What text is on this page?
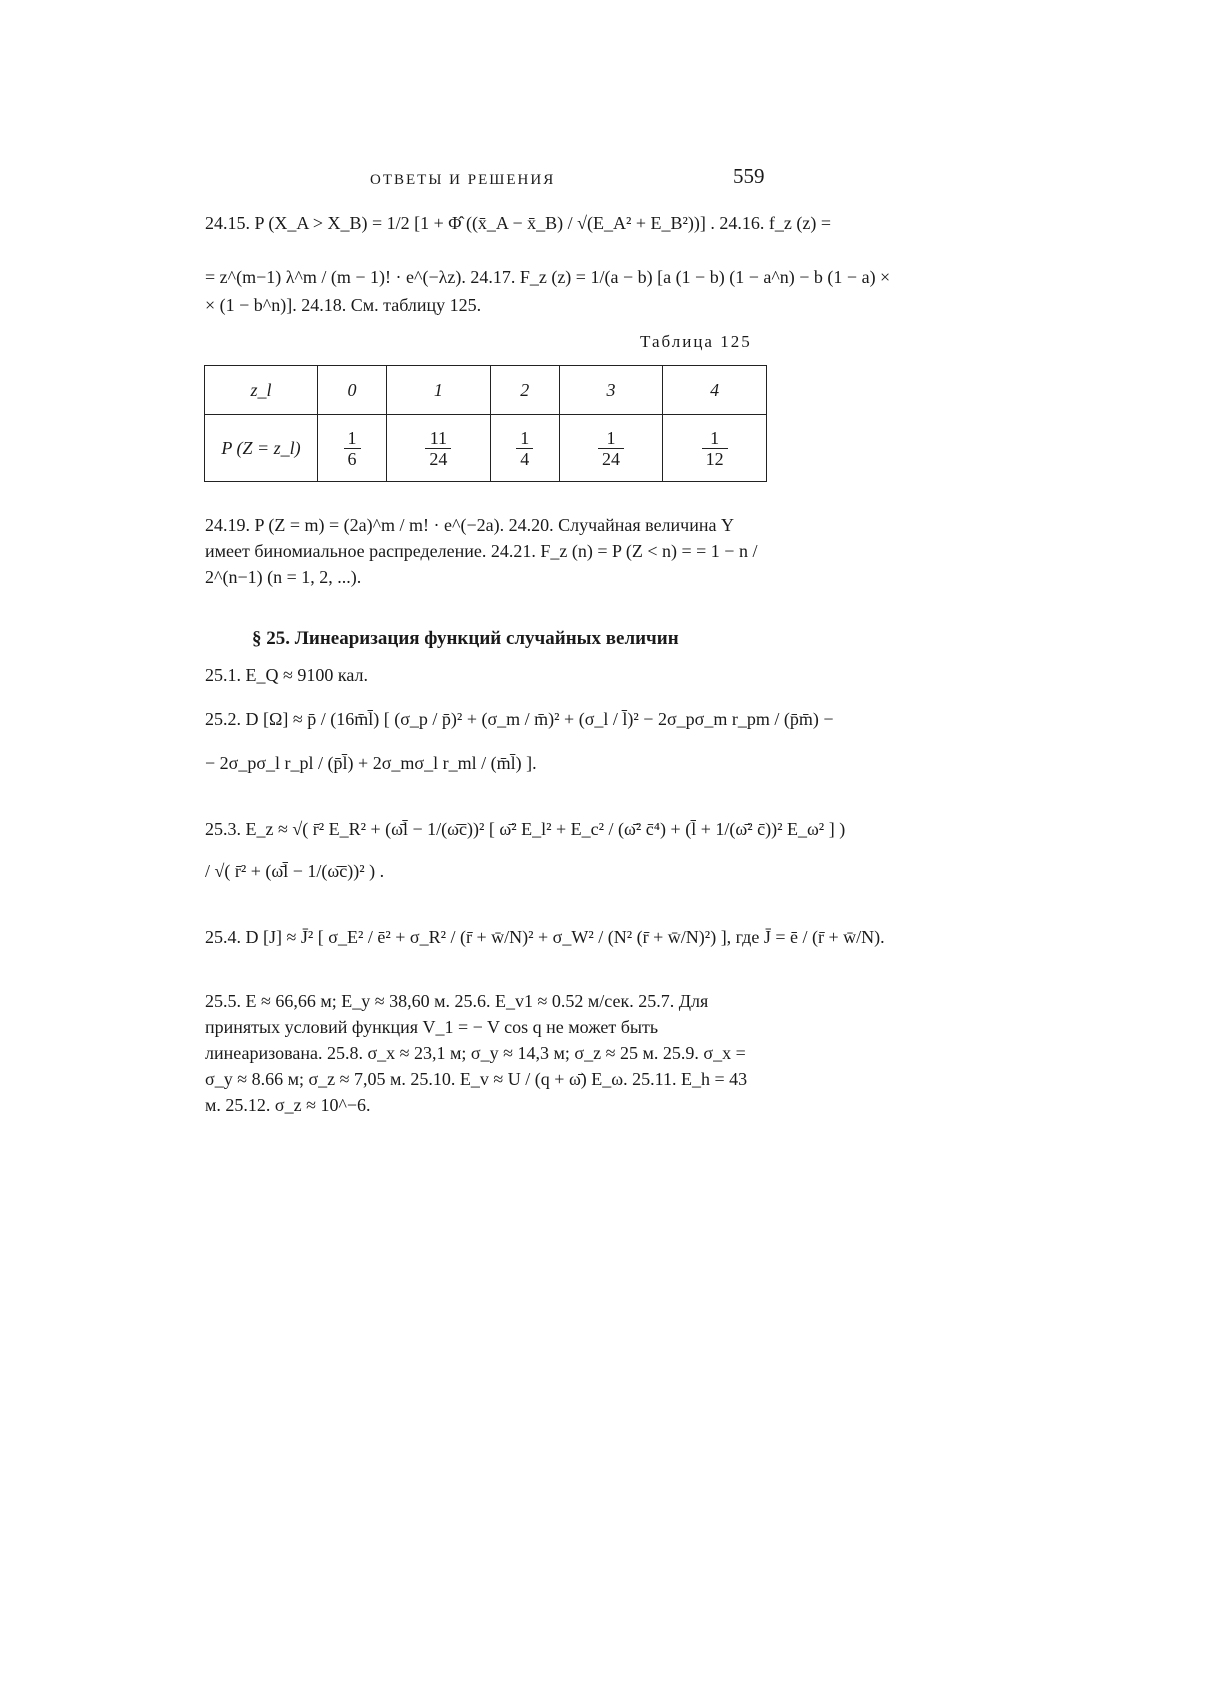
ОТВЕТЫ И РЕШЕНИЯ	559
24.15. P (X_A > X_B) = 1/2 [1 + Φ̂ ((x̄_A − x̄_B) / √(E_A² + E_B²))] . 24.16. f_z (z) =
= z^(m−1) λ^m / (m − 1)! · e^(−λz). 24.17. F_z (z) = 1/(a − b) [a (1 − b) (1 − a^n) − b (1 − a) ×
× (1 − b^n)]. 24.18. См. таблицу 125.
Таблица 125
z_l	0	1	2	3	4
P (Z = z_l)	$\frac{1}{6}$	$\frac{11}{24}$	$\frac{1}{4}$	$\frac{1}{24}$	$\frac{1}{12}$
24.19. P (Z = m) = (2a)^m / m! · e^(−2a). 24.20. Случайная величина Y имеет биномиальное распределение. 24.21. F_z (n) = P (Z < n) = = 1 − n / 2^(n−1) (n = 1, 2, ...).
§ 25. Линеаризация функций случайных величин
25.1. E_Q ≈ 9100 кал.
25.2. D [Ω] ≈ p̄ / (16m̄l̄) [ (σ_p / p̄)² + (σ_m / m̄)² + (σ_l / l̄)² − 2σ_pσ_m r_pm / (p̄m̄) −
− 2σ_pσ_l r_pl / (p̄l̄) + 2σ_mσ_l r_ml / (m̄l̄) ].
25.3. E_z ≈ √( r̄² E_R² + (ω̄l̄ − 1/(ω̄c̄))² [ ω̄² E_l² + E_c² / (ω̄² c̄⁴) + (l̄ + 1/(ω̄² c̄))² E_ω² ] )
/ √( r̄² + (ω̄l̄ − 1/(ω̄c̄))² ) .
25.4. D [J] ≈ J̄² [ σ_E² / ē² + σ_R² / (r̄ + w̄/N)² + σ_W² / (N² (r̄ + w̄/N)²) ], где J̄ = ē / (r̄ + w̄/N).
25.5. E ≈ 66,66 м; E_y ≈ 38,60 м. 25.6. E_v1 ≈ 0.52 м/сек. 25.7. Для принятых условий функция V_1 = − V cos q не может быть линеаризована. 25.8. σ_x ≈ 23,1 м; σ_y ≈ 14,3 м; σ_z ≈ 25 м. 25.9. σ_x = σ_y ≈ 8.66 м; σ_z ≈ 7,05 м. 25.10. E_v ≈ U / (q + ω̄) E_ω. 25.11. E_h = 43 м. 25.12. σ_z ≈ 10^−6.
